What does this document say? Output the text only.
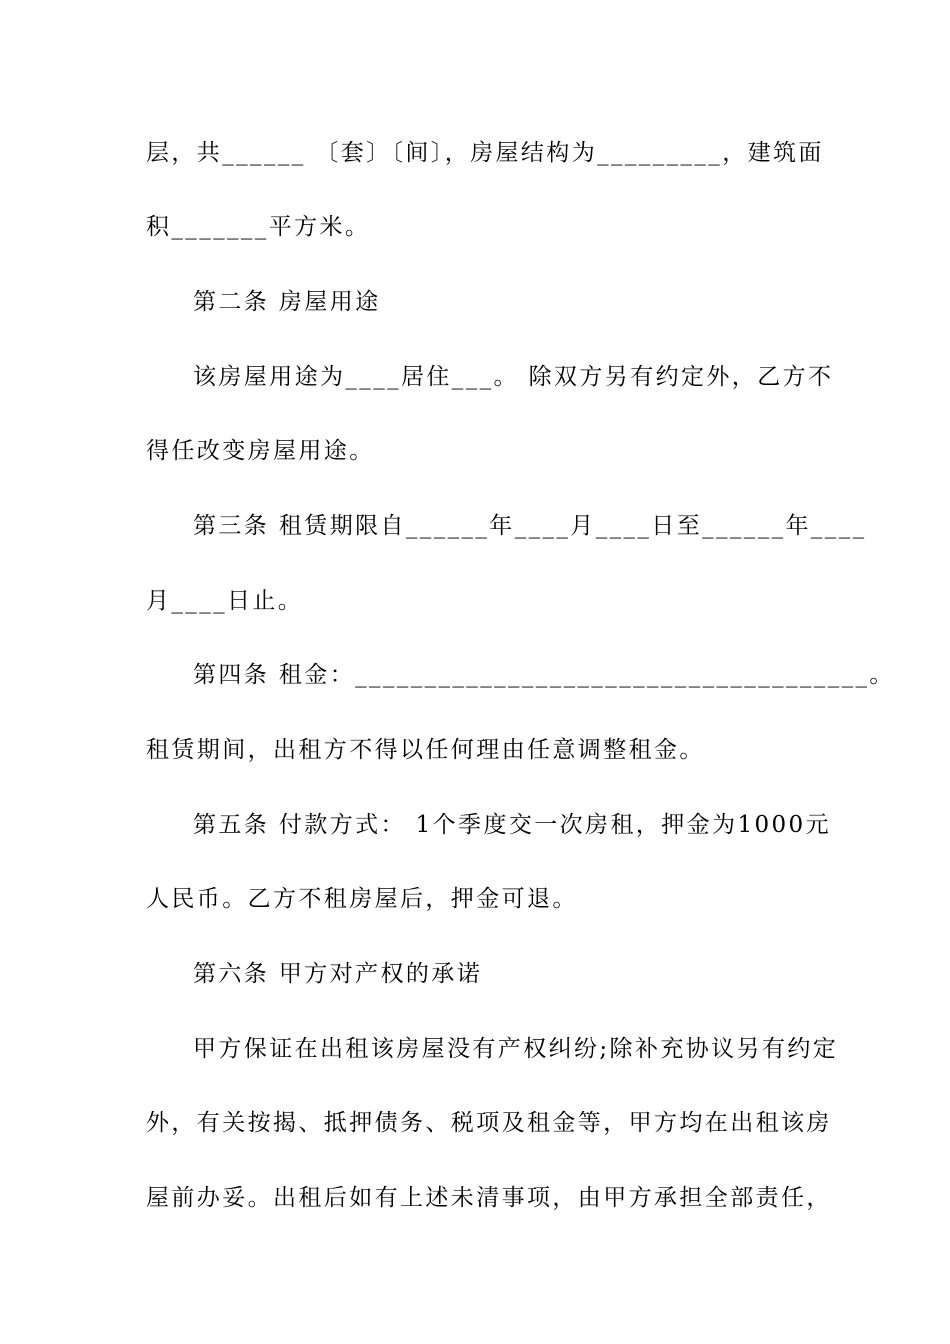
层，共______ 〔套〕〔间〕，房屋结构为_________，建筑面
积_______平方米。
第二条 房屋用途
该房屋用途为____居住___。 除双方另有约定外，乙方不
得任改变房屋用途。
第三条 租赁期限自______年____月____日至______年____
月____日止。
第四条 租金：_____________________________________。
租赁期间，出租方不得以任何理由任意调整租金。
第五条 付款方式： 1个季度交一次房租，押金为1000元
人民币。乙方不租房屋后，押金可退。
第六条 甲方对产权的承诺
甲方保证在出租该房屋没有产权纠纷;除补充协议另有约定
外，有关按揭、抵押债务、税项及租金等，甲方均在出租该房
屋前办妥。出租后如有上述未清事项，由甲方承担全部责任，
